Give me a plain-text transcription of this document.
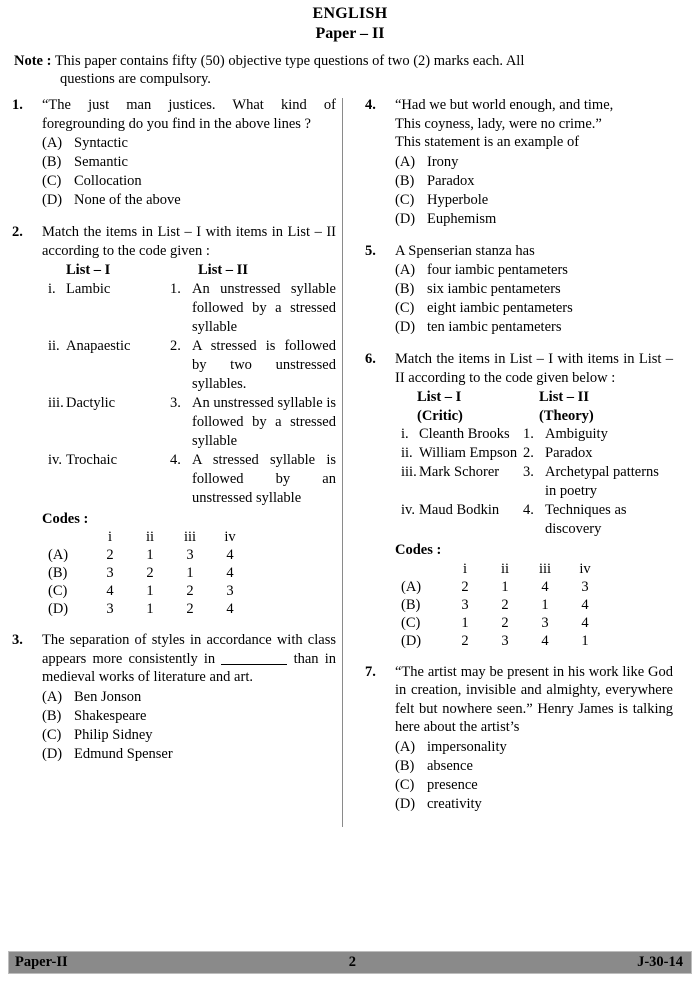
ENGLISH
Paper – II
Note : This paper contains fifty (50) objective type questions of two (2) marks each. All
questions are compulsory.
1.	“The just man justices. What kind of foregrounding do you find in the above lines ?
(A) Syntactic
(B) Semantic
(C) Collocation
(D) None of the above
2.	Match the items in List – I with items in List – II according to the code given :
List – I	List – II
i. Lambic	1. An unstressed syllable followed by a stressed syllable
ii. Anapaestic	2. A stressed is followed by two unstressed syllables.
iii. Dactylic	3. An unstressed syllable is followed by a stressed syllable
iv. Trochaic	4. A stressed syllable is followed by an unstressed syllable
Codes :
	i	ii	iii	iv
(A)	2	1	3	4
(B)	3	2	1	4
(C)	4	1	2	3
(D)	3	1	2	4
3.	The separation of styles in accordance with class appears more consistently in	than in medieval works of literature and art.
(A) Ben Jonson
(B) Shakespeare
(C) Philip Sidney
(D) Edmund Spenser
4.	“Had we but world enough, and time,
This coyness, lady, were no crime.”
This statement is an example of
(A) Irony
(B) Paradox
(C) Hyperbole
(D) Euphemism
5.	A Spenserian stanza has
(A) four iambic pentameters
(B) six iambic pentameters
(C) eight iambic pentameters
(D) ten iambic pentameters
6.	Match the items in List – I with items in List – II according to the code given below :
List – I	List – II
(Critic)	(Theory)
i. Cleanth Brooks 1. Ambiguity
ii. William Empson 2. Paradox
iii. Mark Schorer	3. Archetypal patterns in poetry
iv. Maud Bodkin	4. Techniques as discovery
Codes :
	i	ii	iii	iv
(A)	2	1	4	3
(B)	3	2	1	4
(C)	1	2	3	4
(D)	2	3	4	1
7.	“The artist may be present in his work like God in creation, invisible and almighty, everywhere felt but nowhere seen.” Henry James is talking here about the artist’s
(A) impersonality
(B) absence
(C) presence
(D) creativity
Paper-II	2	J-30-14
